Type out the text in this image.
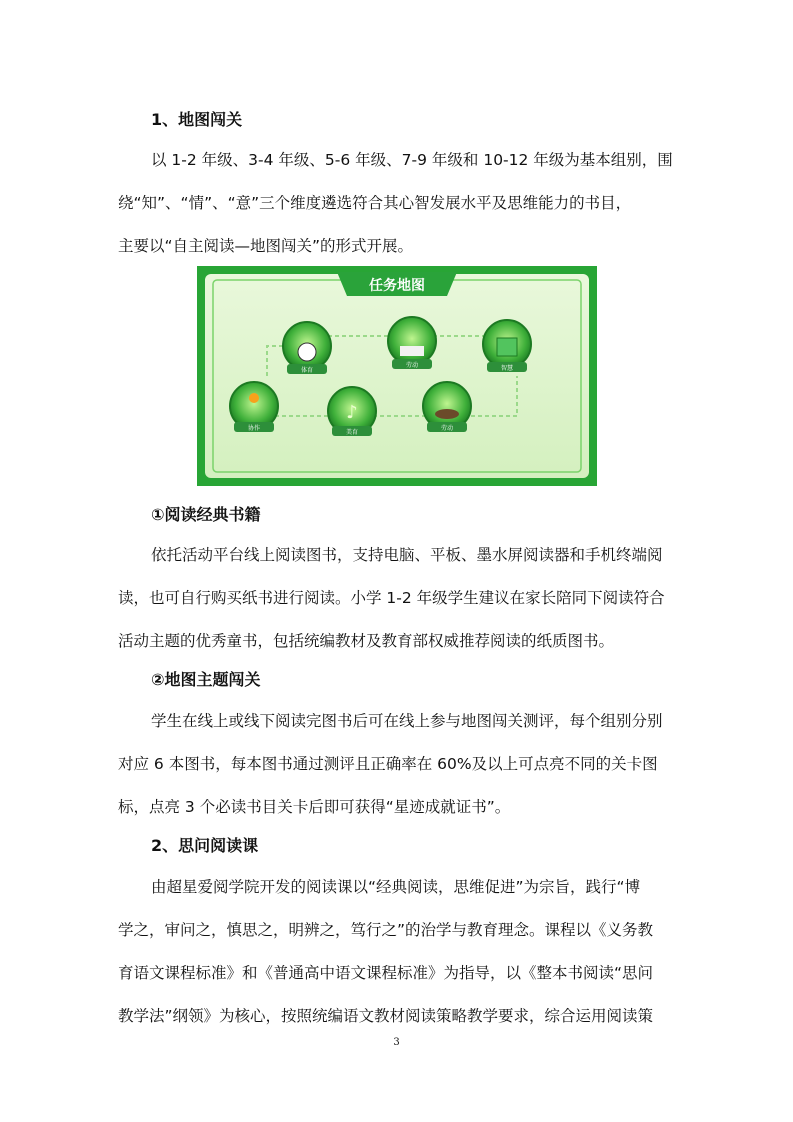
1、地图闯关
以 1-2 年级、3-4 年级、5-6 年级、7-9 年级和 10-12 年级为基本组别，围
绕“知”、“情”、“意”三个维度遴选符合其心智发展水平及思维能力的书目，
主要以“自主阅读—地图闯关”的形式开展。
任务地图
体育
劳动	智慧
协作
♪
美育
劳动
①阅读经典书籍
依托活动平台线上阅读图书，支持电脑、平板、墨水屏阅读器和手机终端阅
读，也可自行购买纸书进行阅读。小学 1-2 年级学生建议在家长陪同下阅读符合
活动主题的优秀童书，包括统编教材及教育部权威推荐阅读的纸质图书。
②地图主题闯关
学生在线上或线下阅读完图书后可在线上参与地图闯关测评，每个组别分别
对应 6 本图书，每本图书通过测评且正确率在 60%及以上可点亮不同的关卡图
标，点亮 3 个必读书目关卡后即可获得“星迹成就证书”。
2、思问阅读课
由超星爱阅学院开发的阅读课以“经典阅读，思维促进”为宗旨，践行“博
学之，审问之，慎思之，明辨之，笃行之”的治学与教育理念。课程以《义务教
育语文课程标准》和《普通高中语文课程标准》为指导，以《整本书阅读“思问
教学法”纲领》为核心，按照统编语文教材阅读策略教学要求，综合运用阅读策
3
